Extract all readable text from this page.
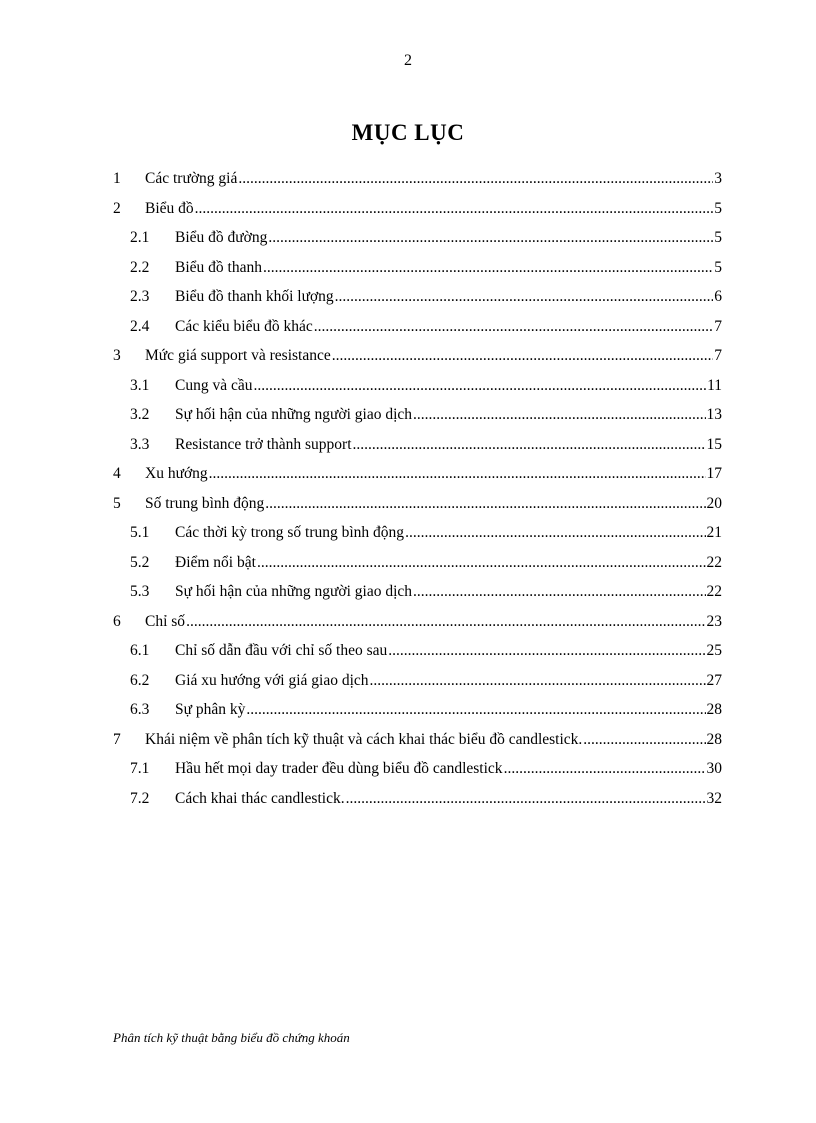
2
MỤC LỤC
1	Các trường giá .....	3
2	Biểu đồ .....	5
2.1	Biểu đồ đường .....	5
2.2	Biểu đồ thanh .....	5
2.3	Biểu đồ thanh khối lượng .....	6
2.4	Các kiểu biểu đồ khác .....	7
3	Mức giá support và resistance .....	7
3.1	Cung và cầu .....	11
3.2	Sự hối hận của những người giao dịch .....	13
3.3	Resistance trở thành support .....	15
4	Xu hướng .....	17
5	Số trung bình động .....	20
5.1	Các thời kỳ trong số trung bình động .....	21
5.2	Điểm nổi bật .....	22
5.3	Sự hối hận của những người giao dịch .....	22
6	Chỉ số .....	23
6.1	Chỉ số dẫn đầu với chỉ số theo sau .....	25
6.2	Giá xu hướng với giá giao dịch .....	27
6.3	Sự phân kỳ .....	28
7	Khái niệm về phân tích kỹ thuật và cách khai thác biểu đồ candlestick. .....	28
7.1	Hầu hết mọi day trader đều dùng biểu đồ candlestick .....	30
7.2	Cách khai thác candlestick. .....	32
Phân tích kỹ thuật bằng biểu đồ chứng khoán
